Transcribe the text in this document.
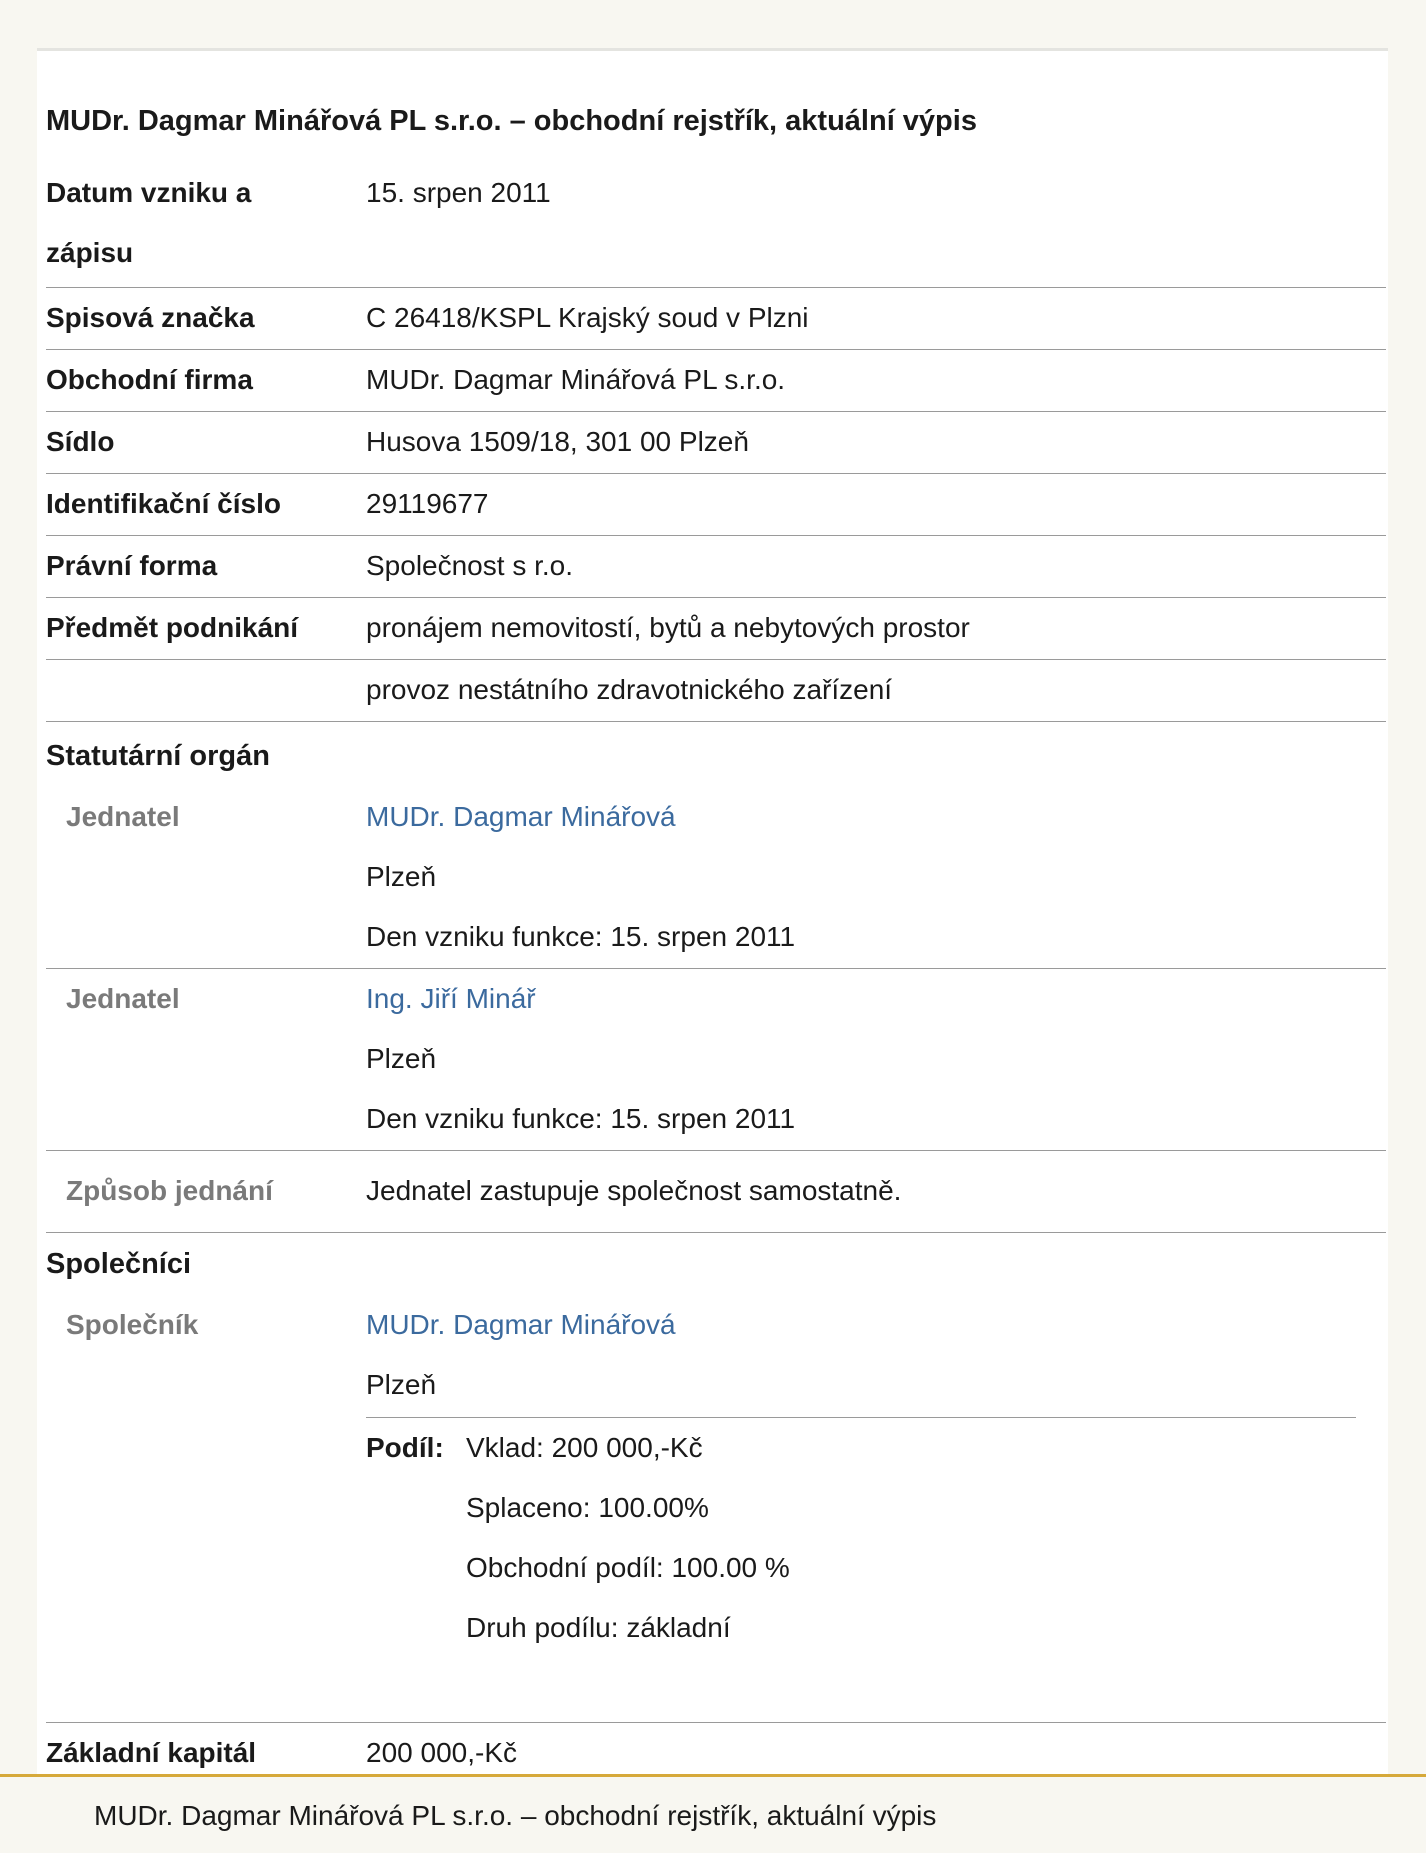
MUDr. Dagmar Minářová PL s.r.o. – obchodní rejstřík, aktuální výpis
Datum vzniku a
zápisu
15. srpen 2011
Spisová značka	C 26418/KSPL Krajský soud v Plzni
Obchodní firma	MUDr. Dagmar Minářová PL s.r.o.
Sídlo	Husova 1509/18, 301 00 Plzeň
Identifikační číslo	29119677
Právní forma	Společnost s r.o.
Předmět podnikání	pronájem nemovitostí, bytů a nebytových prostor
provoz nestátního zdravotnického zařízení
Statutární orgán
Jednatel	MUDr. Dagmar Minářová
Plzeň
Den vzniku funkce: 15. srpen 2011
Jednatel	Ing. Jiří Minář
Plzeň
Den vzniku funkce: 15. srpen 2011
Způsob jednání	Jednatel zastupuje společnost samostatně.
Společníci
Společník	MUDr. Dagmar Minářová
Plzeň
Podíl: Vklad: 200 000,-Kč
Splaceno: 100.00%
Obchodní podíl: 100.00 %
Druh podílu: základní
Základní kapitál	200 000,-Kč
MUDr. Dagmar Minářová PL s.r.o. – obchodní rejstřík, aktuální výpis
